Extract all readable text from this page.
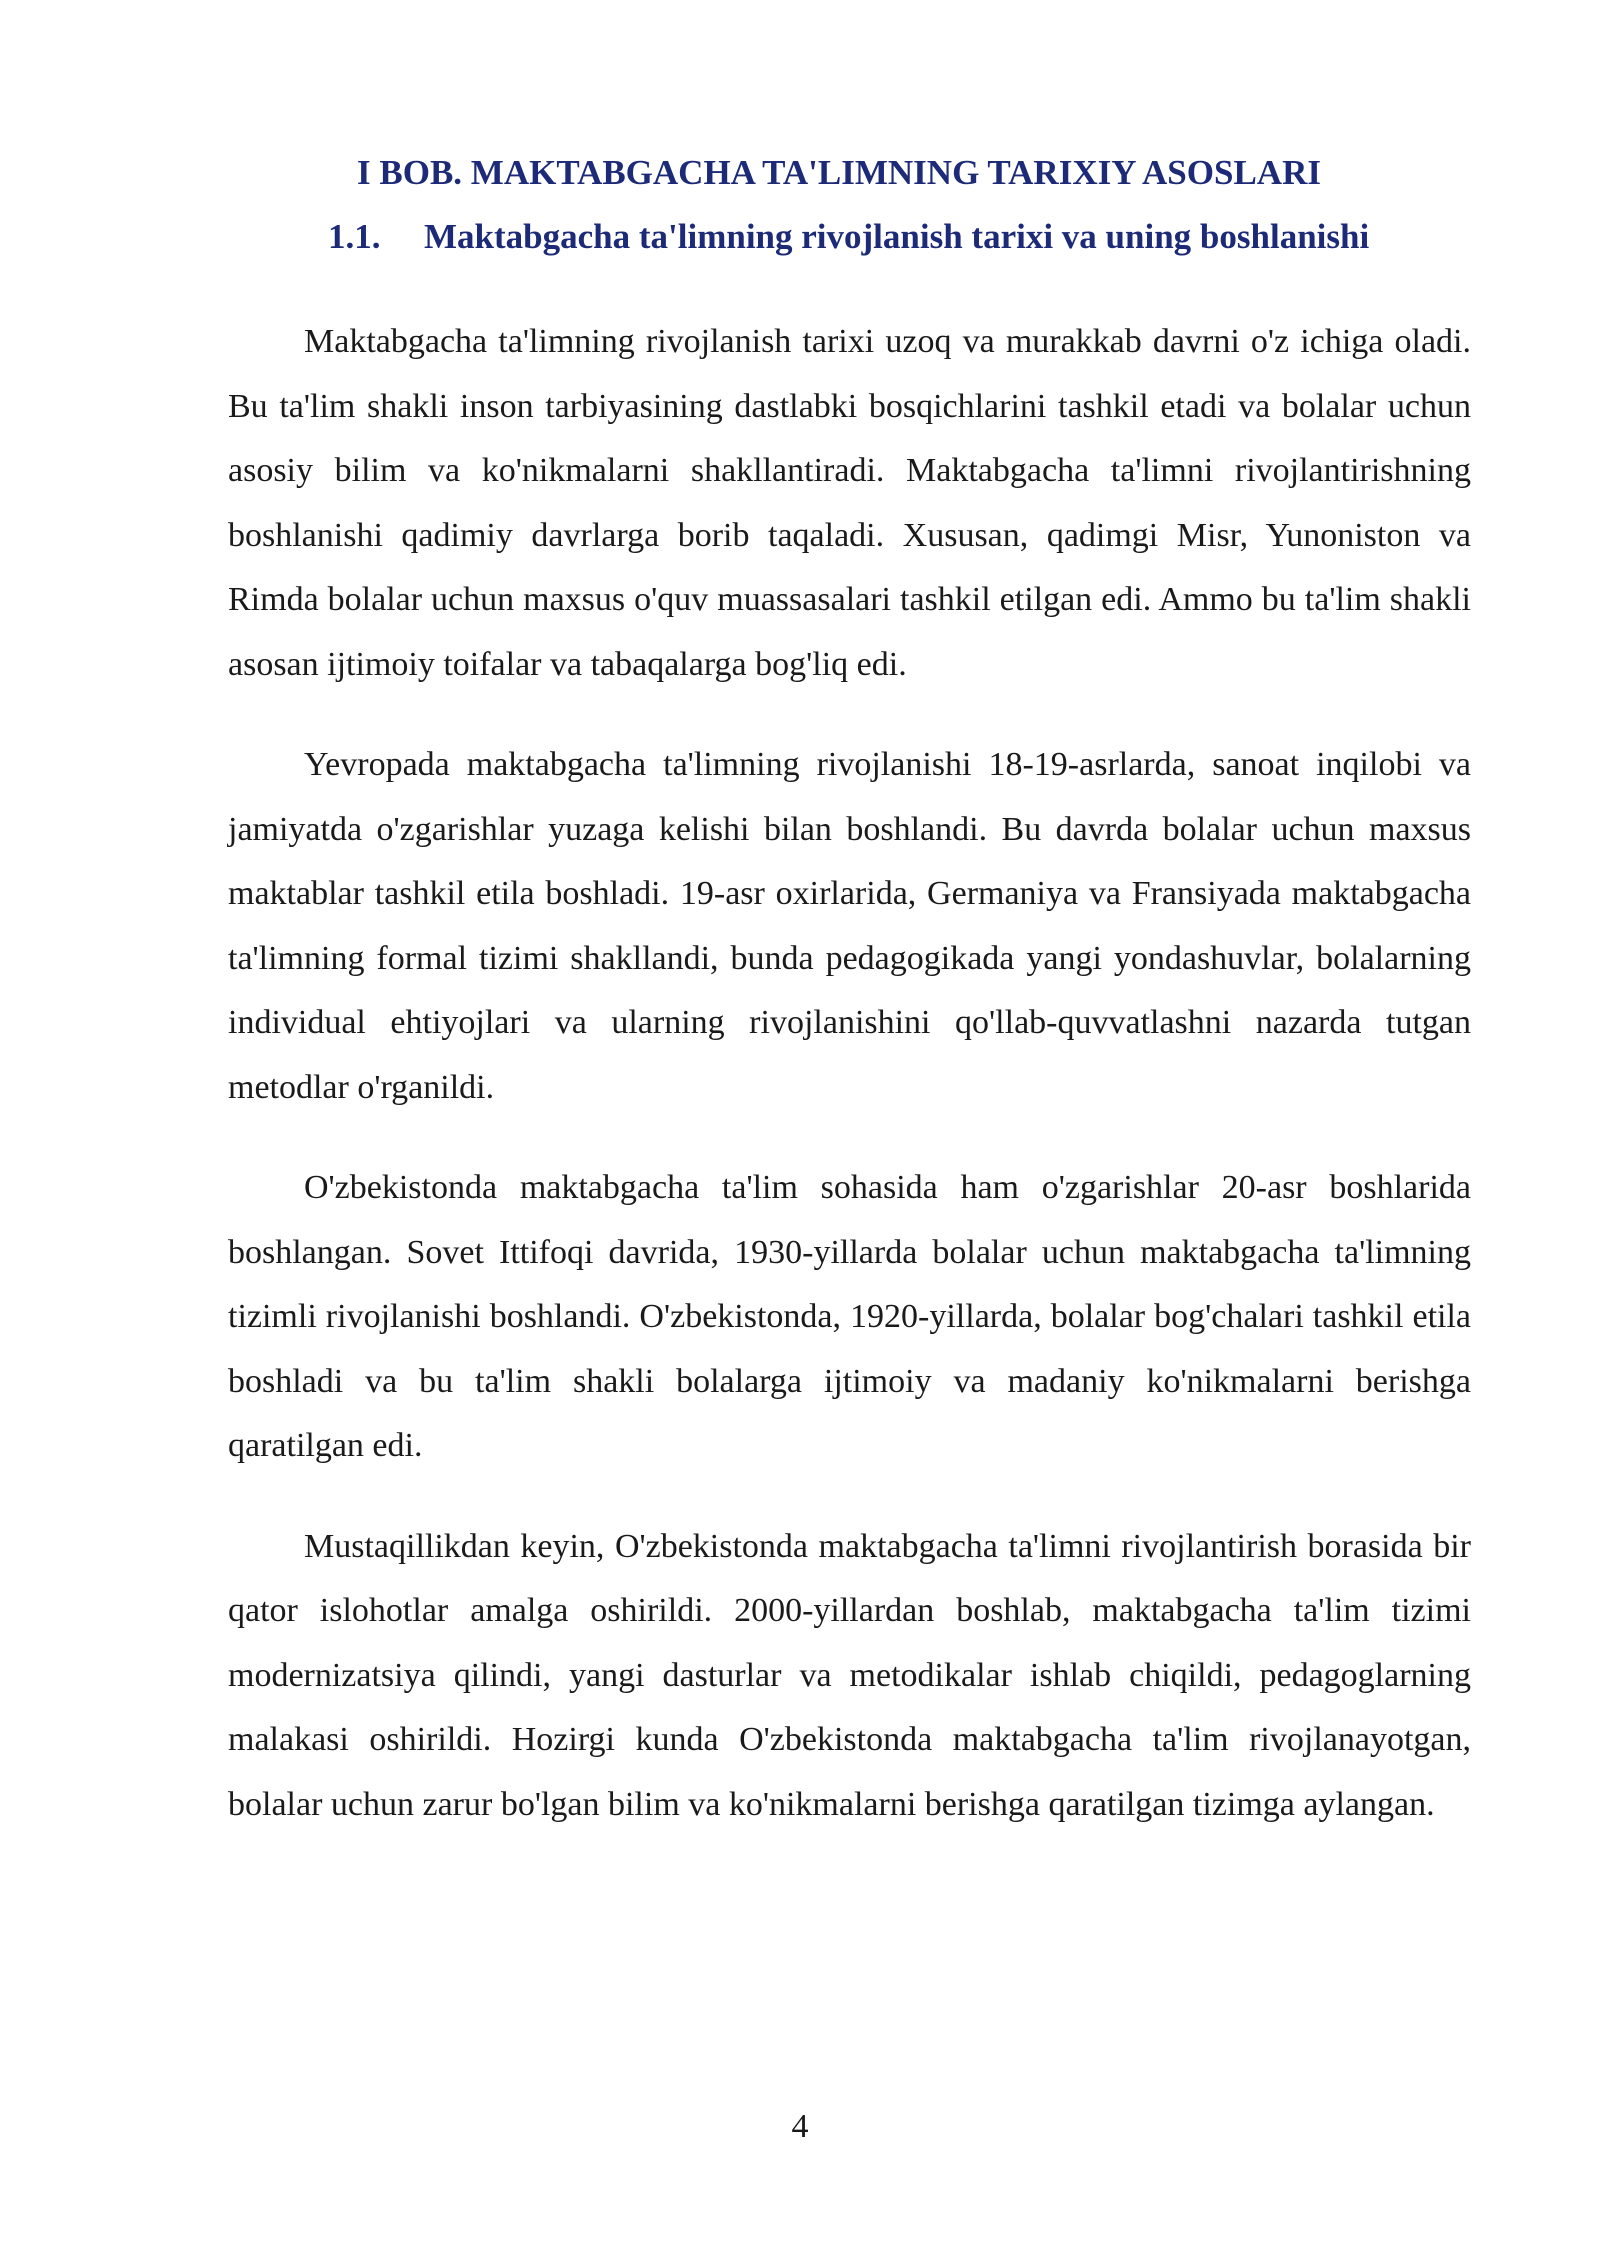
I BOB. MAKTABGACHA TA'LIMNING TARIXIY ASOSLARI
1.1. Maktabgacha ta'limning rivojlanish tarixi va uning boshlanishi

Maktabgacha ta'limning rivojlanish tarixi uzoq va murakkab davrni o'z ichiga oladi. Bu ta'lim shakli inson tarbiyasining dastlabki bosqichlarini tashkil etadi va bolalar uchun asosiy bilim va ko'nikmalarni shakllantiradi. Maktabgacha ta'limni rivojlantirishning boshlanishi qadimiy davrlarga borib taqaladi. Xususan, qadimgi Misr, Yunoniston va Rimda bolalar uchun maxsus o'quv muassasalari tashkil etilgan edi. Ammo bu ta'lim shakli asosan ijtimoiy toifalar va tabaqalarga bog'liq edi.

Yevropada maktabgacha ta'limning rivojlanishi 18-19-asrlarda, sanoat inqilobi va jamiyatda o'zgarishlar yuzaga kelishi bilan boshlandi. Bu davrda bolalar uchun maxsus maktablar tashkil etila boshladi. 19-asr oxirlarida, Germaniya va Fransiyada maktabgacha ta'limning formal tizimi shakllandi, bunda pedagogikada yangi yondashuvlar, bolalarning individual ehtiyojlari va ularning rivojlanishini qo'llab-quvvatlashni nazarda tutgan metodlar o'rganildi.

O'zbekistonda maktabgacha ta'lim sohasida ham o'zgarishlar 20-asr boshlarida boshlangan. Sovet Ittifoqi davrida, 1930-yillarda bolalar uchun maktabgacha ta'limning tizimli rivojlanishi boshlandi. O'zbekistonda, 1920-yillarda, bolalar bog'chalari tashkil etila boshladi va bu ta'lim shakli bolalarga ijtimoiy va madaniy ko'nikmalarni berishga qaratilgan edi.

Mustaqillikdan keyin, O'zbekistonda maktabgacha ta'limni rivojlantirish borasida bir qator islohotlar amalga oshirildi. 2000-yillardan boshlab, maktabgacha ta'lim tizimi modernizatsiya qilindi, yangi dasturlar va metodikalar ishlab chiqildi, pedagoglarning malakasi oshirildi. Hozirgi kunda O'zbekistonda maktabgacha ta'lim rivojlanayotgan, bolalar uchun zarur bo'lgan bilim va ko'nikmalarni berishga qaratilgan tizimga aylangan.

4
